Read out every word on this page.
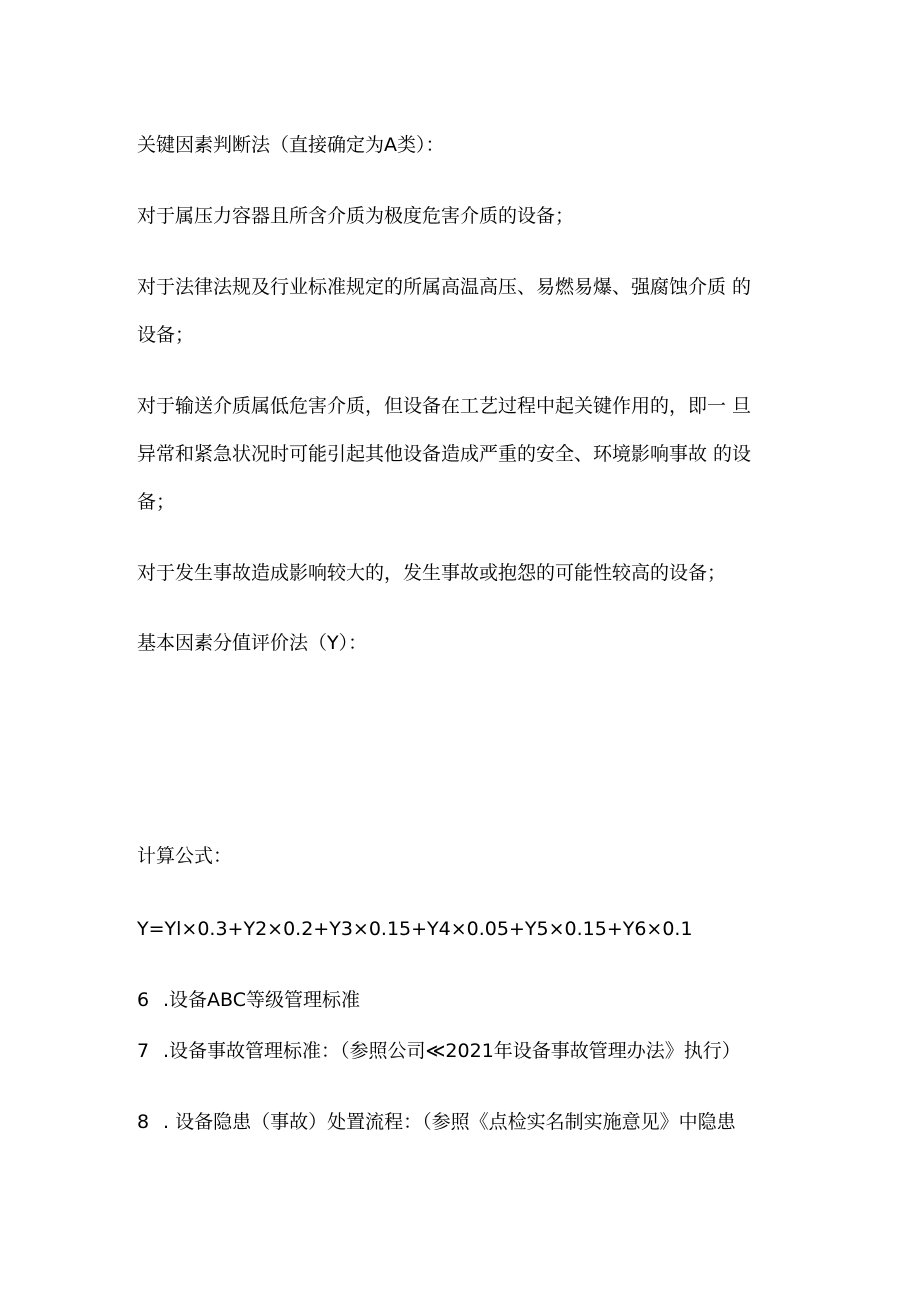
关键因素判断法（直接确定为A类）：
对于属压力容器且所含介质为极度危害介质的设备；
对于法律法规及行业标准规定的所属高温高压、易燃易爆、强腐蚀介质 的
设备；
对于输送介质属低危害介质，但设备在工艺过程中起关键作用的，即一 旦
异常和紧急状况时可能引起其他设备造成严重的安全、环境影响事故 的设
备；
对于发生事故造成影响较大的，发生事故或抱怨的可能性较高的设备；
基本因素分值评价法（Y）：
计算公式：
Y=Yl×0.3+Y2×0.2+Y3×0.15+Y4×0.05+Y5×0.15+Y6×0.1
6 .设备ABC等级管理标准
7 .设备事故管理标准：（参照公司≪2021年设备事故管理办法》执行）
8 . 设备隐患（事故）处置流程：（参照《点检实名制实施意见》中隐患
